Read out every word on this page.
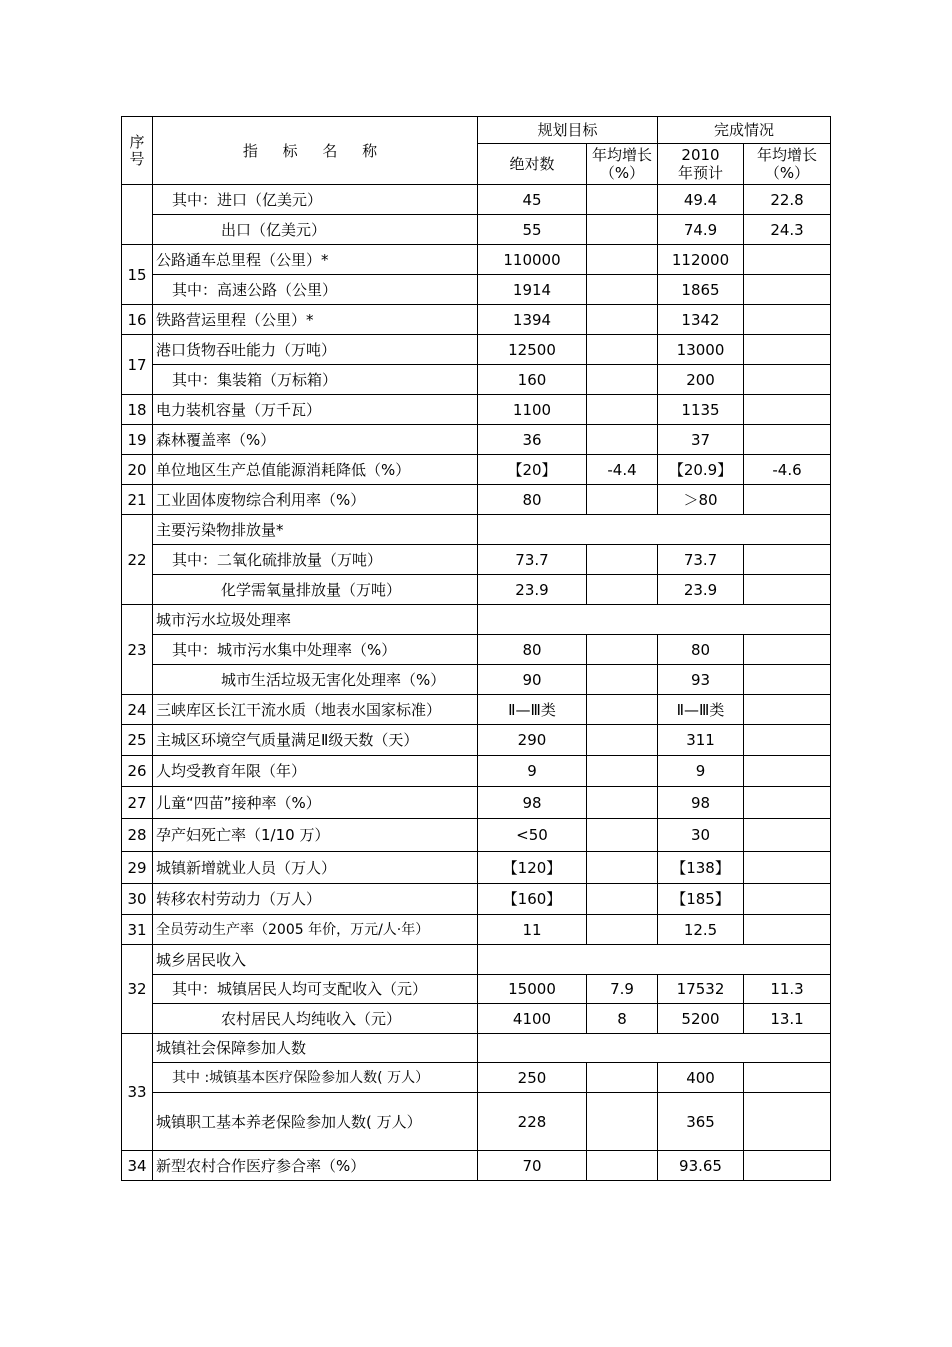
序号	指 标 名 称	规划目标		完成情况	
		绝对数	年均增长（%）	2010 年预计	年均增长（%）
	其中：进口（亿美元）	45		49.4	22.8
	出口（亿美元）	55		74.9	24.3
15	公路通车总里程（公里）*	110000		112000	
	其中：高速公路（公里）	1914		1865	
16	铁路营运里程（公里）*	1394		1342	
17	港口货物吞吐能力（万吨）	12500		13000	
	其中：集装箱（万标箱）	160		200	
18	电力装机容量（万千瓦）	1100		1135	
19	森林覆盖率（%）	36		37	
20	单位地区生产总值能源消耗降低（%）	【20】	-4.4	【20.9】	-4.6
21	工业固体废物综合利用率（%）	80		＞80	
22	主要污染物排放量*				
	其中：二氧化硫排放量（万吨）	73.7		73.7	
	化学需氧量排放量（万吨）	23.9		23.9	
23	城市污水垃圾处理率				
	其中：城市污水集中处理率（%）	80		80	
	城市生活垃圾无害化处理率（%）	90		93	
24	三峡库区长江干流水质（地表水国家标准）	Ⅱ—Ⅲ类		Ⅱ—Ⅲ类	
25	主城区环境空气质量满足Ⅱ级天数（天）	290		311	
26	人均受教育年限（年）	9		9	
27	儿童“四苗”接种率（%）	98		98	
28	孕产妇死亡率（1/10 万）	<50		30	
29	城镇新增就业人员（万人）	【120】		【138】	
30	转移农村劳动力（万人）	【160】		【185】	
31	全员劳动生产率（2005 年价，万元/人·年）	11		12.5	
32	城乡居民收入				
	其中：城镇居民人均可支配收入（元）	15000	7.9	17532	11.3
	农村居民人均纯收入（元）	4100	8	5200	13.1
33	城镇社会保障参加人数				
	其中 :城镇基本医疗保险参加人数( 万人）	250		400	
	城镇职工基本养老保险参加人数( 万人）	228		365	
34	新型农村合作医疗参合率（%）	70		93.65	
